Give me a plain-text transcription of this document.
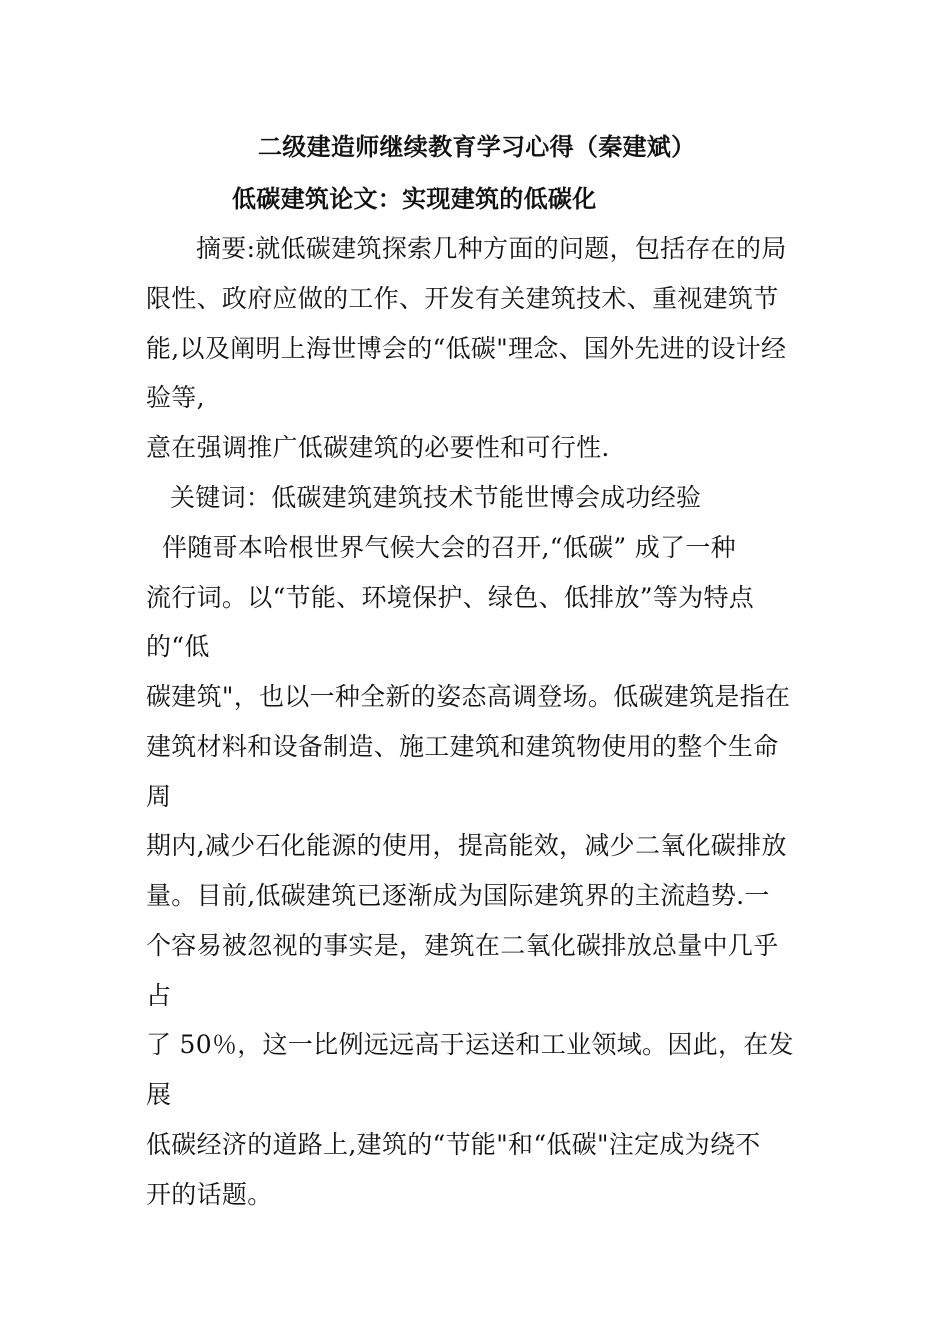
二级建造师继续教育学习心得（秦建斌）
低碳建筑论文：实现建筑的低碳化
摘要:就低碳建筑探索几种方面的问题，包括存在的局
限性、政府应做的工作、开发有关建筑技术、重视建筑节
能,以及阐明上海世博会的“低碳"理念、国外先进的设计经
验等,
意在强调推广低碳建筑的必要性和可行性.
关键词：低碳建筑建筑技术节能世博会成功经验
伴随哥本哈根世界气候大会的召开,“低碳” 成了一种
流行词。以“节能、环境保护、绿色、低排放”等为特点
的“低
碳建筑"，也以一种全新的姿态高调登场。低碳建筑是指在
建筑材料和设备制造、施工建筑和建筑物使用的整个生命
周
期内,减少石化能源的使用，提高能效，减少二氧化碳排放
量。目前,低碳建筑已逐渐成为国际建筑界的主流趋势.一
个容易被忽视的事实是，建筑在二氧化碳排放总量中几乎
占
了 50％，这一比例远远高于运送和工业领域。因此，在发
展
低碳经济的道路上,建筑的“节能"和“低碳"注定成为绕不
开的话题。
